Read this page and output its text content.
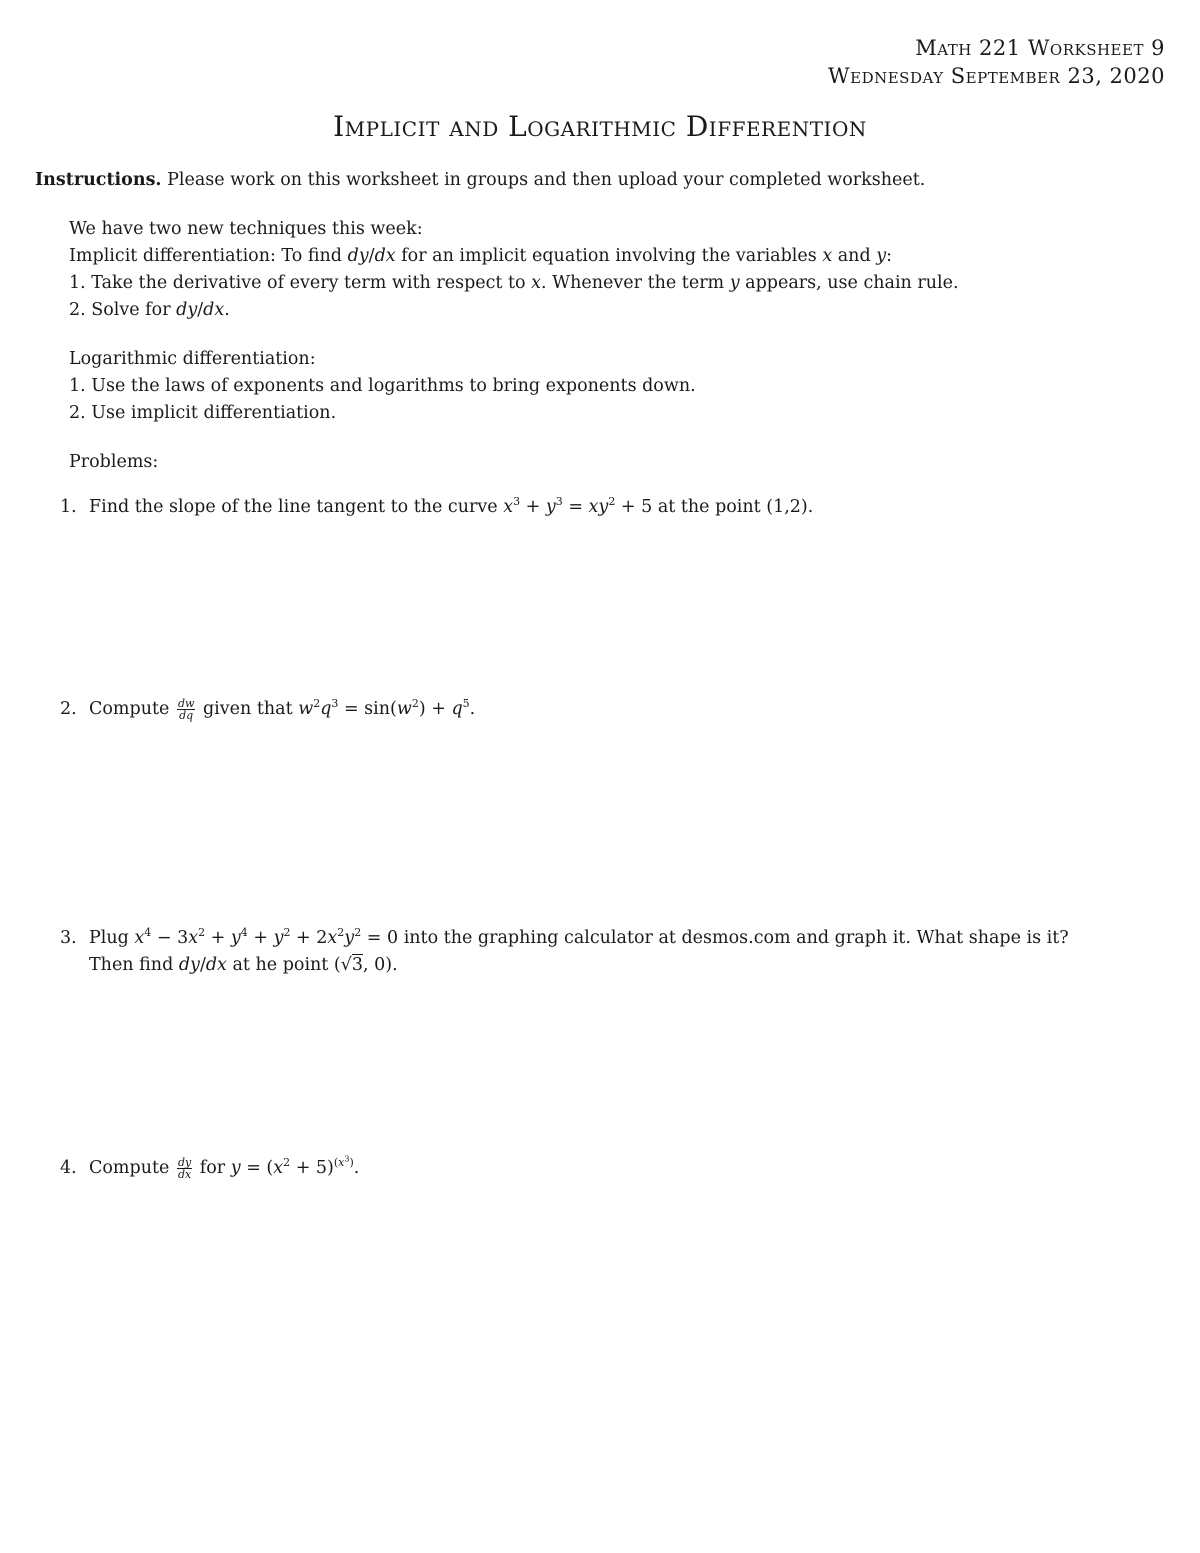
Math 221 Worksheet 9
Wednesday September 23, 2020
Implicit and Logarithmic Differention
Instructions. Please work on this worksheet in groups and then upload your completed worksheet.
We have two new techniques this week:
Implicit differentiation: To find dy/dx for an implicit equation involving the variables x and y:
1. Take the derivative of every term with respect to x. Whenever the term y appears, use chain rule.
2. Solve for dy/dx.
Logarithmic differentiation:
1. Use the laws of exponents and logarithms to bring exponents down.
2. Use implicit differentiation.
Problems:
1. Find the slope of the line tangent to the curve $x^3 + y^3 = xy^2 + 5$ at the point (1,2).
2. Compute $\frac{dw}{dq}$ given that $w^2q^3 = \sin(w^2) + q^5$.
3. Plug $x^4 - 3x^2 + y^4 + y^2 + 2x^2y^2 = 0$ into the graphing calculator at desmos.com and graph it. What shape is it?
Then find dy/dx at he point (√3, 0).
4. Compute $\frac{dy}{dx}$ for $y = (x^2 + 5)^{(x^3)}$.
